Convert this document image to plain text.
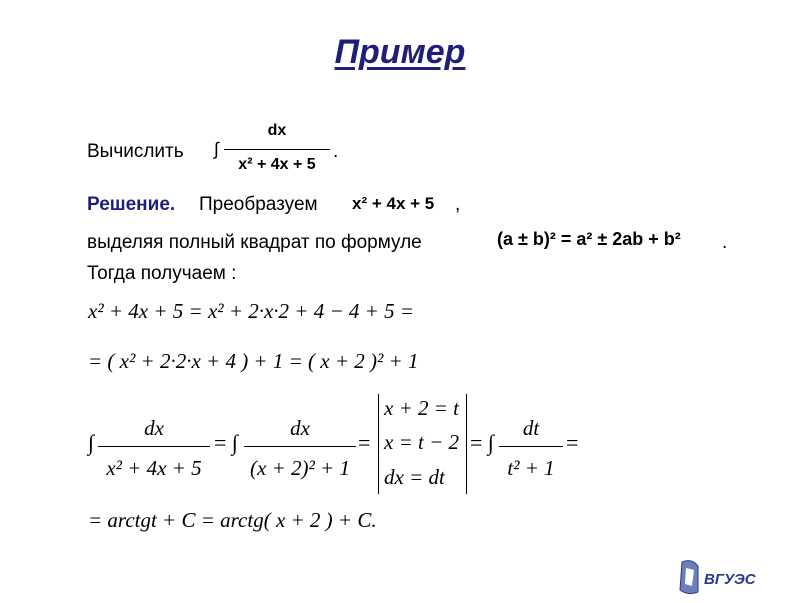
Пример
Вычислить ∫
dx
x² + 4x + 5
.
Решение. Преобразуем x² + 4x + 5 ,
выделяя полный квадрат по формуле	(a ± b)² = a² ± 2ab + b² .
Тогда получаем :
x² + 4x + 5 = x² + 2·x·2 + 4 − 4 + 5 =
= ( x² + 2·2·x + 4 ) + 1 = ( x + 2 )² + 1
∫
dx
x² + 4x + 5
= ∫
dx
(x + 2)² + 1
=
x + 2 = t
x = t − 2
dx = dt
= ∫
dt
t² + 1
=
= arctgt + C = arctg( x + 2 ) + C.
ВГУЭС
